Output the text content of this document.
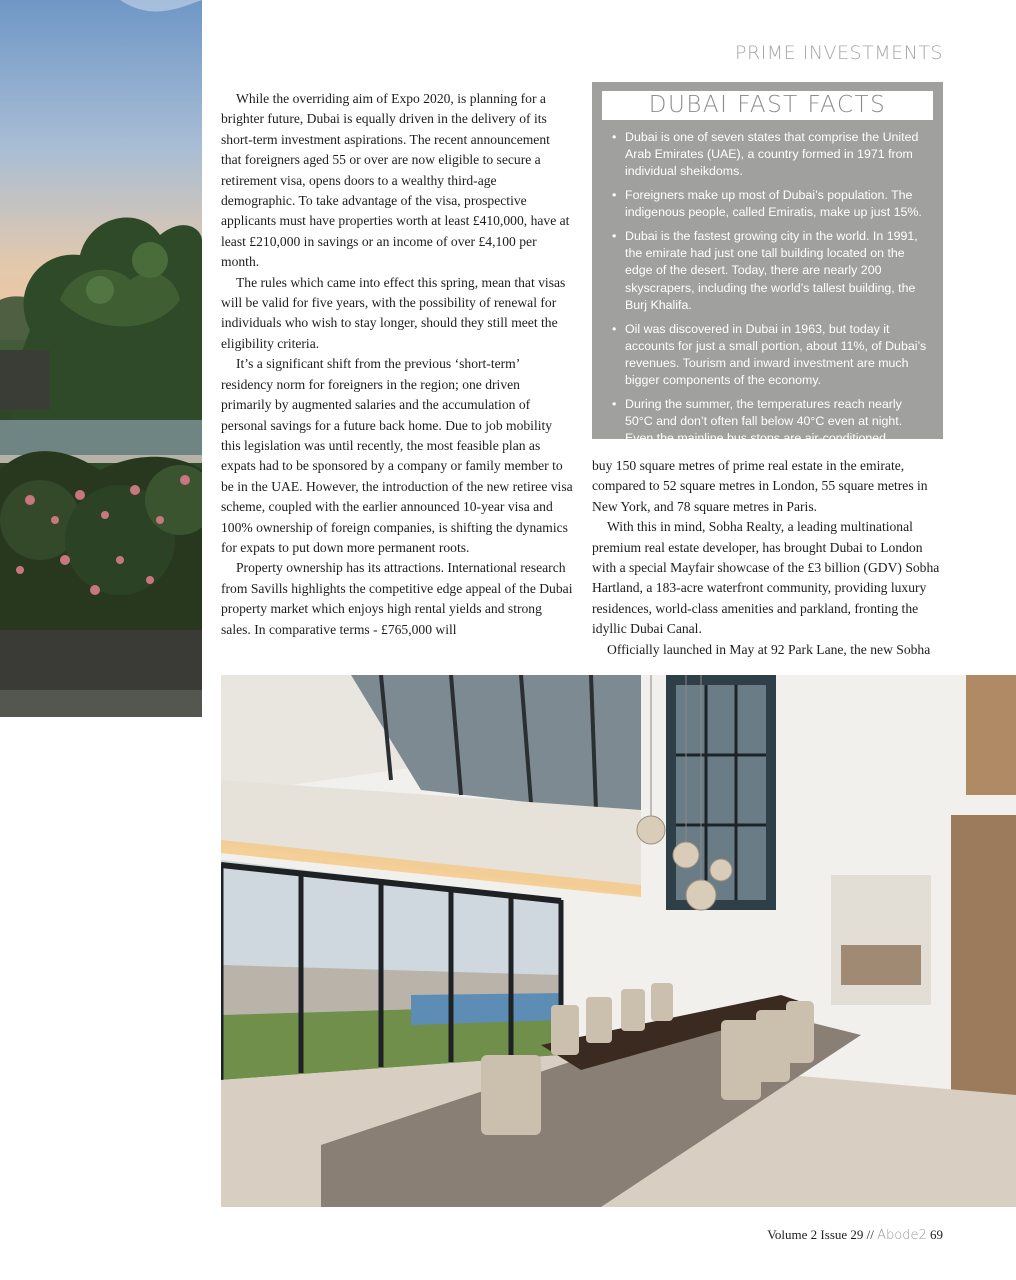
PRIME INVESTMENTS

While the overriding aim of Expo 2020, is planning for a brighter future, Dubai is equally driven in the delivery of its short-term investment aspirations. The recent announcement that foreigners aged 55 or over are now eligible to secure a retirement visa, opens doors to a wealthy third-age demographic. To take advantage of the visa, prospective applicants must have properties worth at least £410,000, have at least £210,000 in savings or an income of over £4,100 per month.

The rules which came into effect this spring, mean that visas will be valid for five years, with the possibility of renewal for individuals who wish to stay longer, should they still meet the eligibility criteria.

It’s a significant shift from the previous ‘short-term’ residency norm for foreigners in the region; one driven primarily by augmented salaries and the accumulation of personal savings for a future back home. Due to job mobility this legislation was until recently, the most feasible plan as expats had to be sponsored by a company or family member to be in the UAE. However, the introduction of the new retiree visa scheme, coupled with the earlier announced 10-year visa and 100% ownership of foreign companies, is shifting the dynamics for expats to put down more permanent roots.

Property ownership has its attractions. International research from Savills highlights the competitive edge appeal of the Dubai property market which enjoys high rental yields and strong sales. In comparative terms - £765,000 will

DUBAI FAST FACTS
• Dubai is one of seven states that comprise the United Arab Emirates (UAE), a country formed in 1971 from individual sheikdoms.
• Foreigners make up most of Dubai’s population. The indigenous people, called Emiratis, make up just 15%.
• Dubai is the fastest growing city in the world. In 1991, the emirate had just one tall building located on the edge of the desert. Today, there are nearly 200 skyscrapers, including the world’s tallest building, the Burj Khalifa.
• Oil was discovered in Dubai in 1963, but today it accounts for just a small portion, about 11%, of Dubai’s revenues. Tourism and inward investment are much bigger components of the economy.
• During the summer, the temperatures reach nearly 50°C and don’t often fall below 40°C even at night. Even the mainline bus stops are air-conditioned.

buy 150 square metres of prime real estate in the emirate, compared to 52 square metres in London, 55 square metres in New York, and 78 square metres in Paris.

With this in mind, Sobha Realty, a leading multinational premium real estate developer, has brought Dubai to London with a special Mayfair showcase of the £3 billion (GDV) Sobha Hartland, a 183-acre waterfront community, providing luxury residences, world-class amenities and parkland, fronting the idyllic Dubai Canal.

Officially launched in May at 92 Park Lane, the new Sobha

Volume 2 Issue 29 // Abode2 69
